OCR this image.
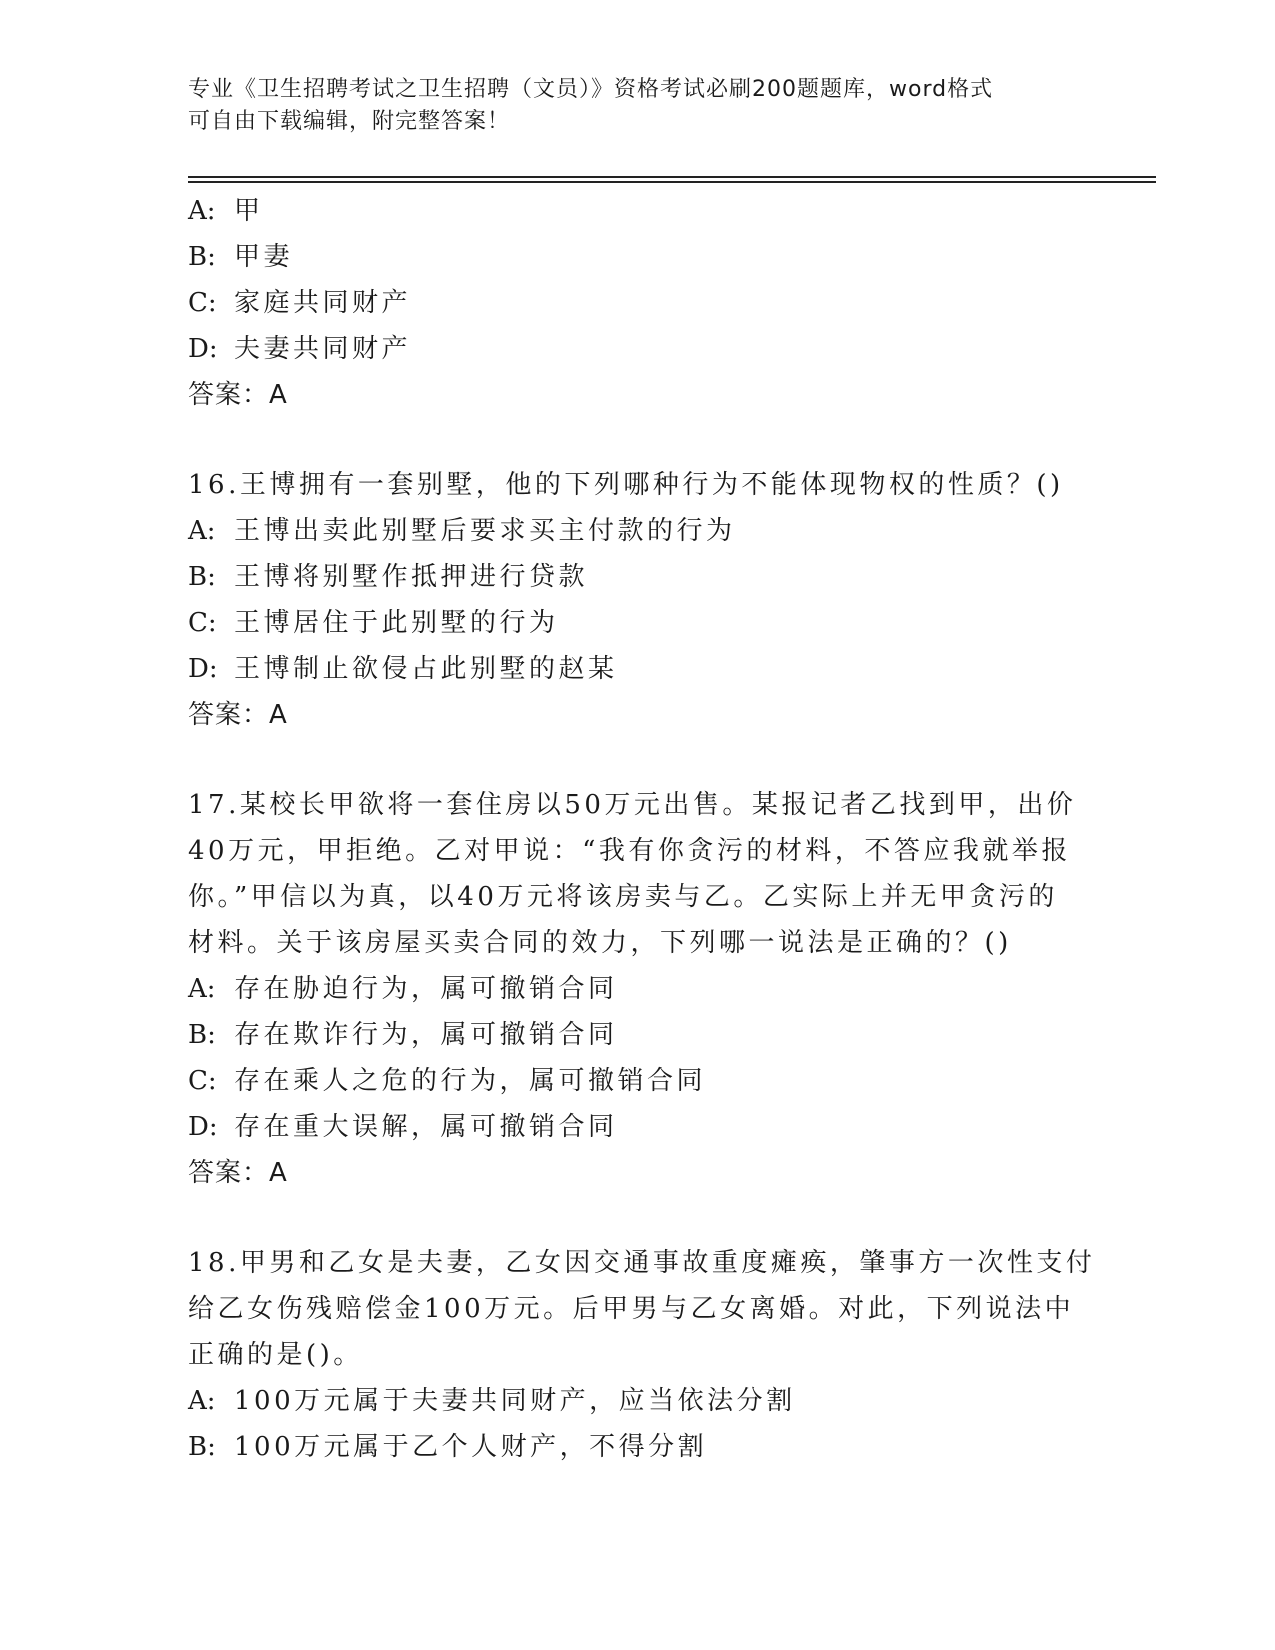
专业《卫生招聘考试之卫生招聘（文员）》资格考试必刷200题题库，word格式
可自由下载编辑，附完整答案！
A: 甲
B: 甲妻
C: 家庭共同财产
D: 夫妻共同财产
答案：A
16.王博拥有一套别墅，他的下列哪种行为不能体现物权的性质？()
A: 王博出卖此别墅后要求买主付款的行为
B: 王博将别墅作抵押进行贷款
C: 王博居住于此别墅的行为
D: 王博制止欲侵占此别墅的赵某
答案：A
17.某校长甲欲将一套住房以50万元出售。某报记者乙找到甲，出价
40万元，甲拒绝。乙对甲说：“我有你贪污的材料，不答应我就举报
你。”甲信以为真，以40万元将该房卖与乙。乙实际上并无甲贪污的
材料。关于该房屋买卖合同的效力，下列哪一说法是正确的？()
A: 存在胁迫行为，属可撤销合同
B: 存在欺诈行为，属可撤销合同
C: 存在乘人之危的行为，属可撤销合同
D: 存在重大误解，属可撤销合同
答案：A
18.甲男和乙女是夫妻，乙女因交通事故重度瘫痪，肇事方一次性支付
给乙女伤残赔偿金100万元。后甲男与乙女离婚。对此，下列说法中
正确的是()。
A: 100万元属于夫妻共同财产，应当依法分割
B: 100万元属于乙个人财产，不得分割
